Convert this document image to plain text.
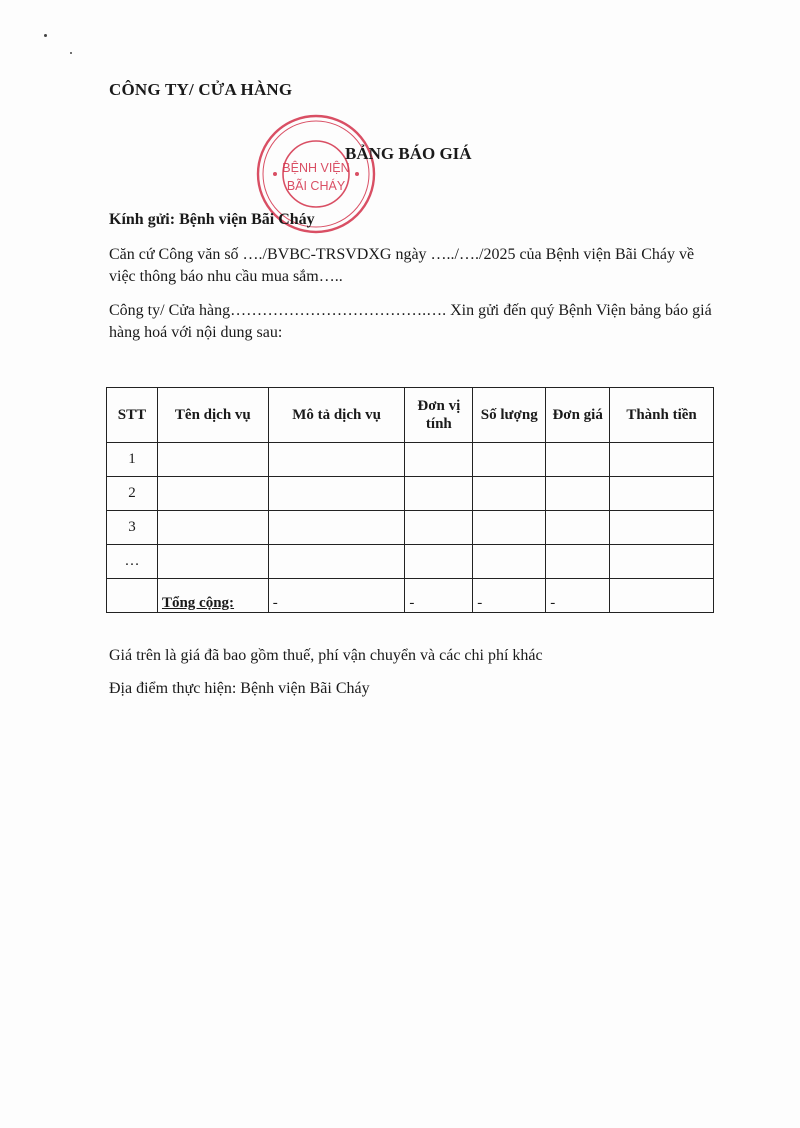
CÔNG TY/ CỬA HÀNG
BỆNH VIỆN
BÃI CHÁY
BẢNG BÁO GIÁ
Kính gửi: Bệnh viện Bãi Cháy
Căn cứ Công văn số …./BVBC-TRSVDXG ngày …../…./2025 của Bệnh viện Bãi Cháy về việc thông báo nhu cầu mua sắm…..
Công ty/ Cửa hàng……………………………….…. Xin gửi đến quý Bệnh Viện bảng báo giá hàng hoá với nội dung sau:
STT	Tên dịch vụ	Mô tả dịch vụ	Đơn vị tính	Số lượng	Đơn giá	Thành tiền
1						
2						
3						
…						
	Tổng cộng:	-	-	-	-	
Giá trên là giá đã bao gồm thuế, phí vận chuyển và các chi phí khác
Địa điểm thực hiện: Bệnh viện Bãi Cháy
